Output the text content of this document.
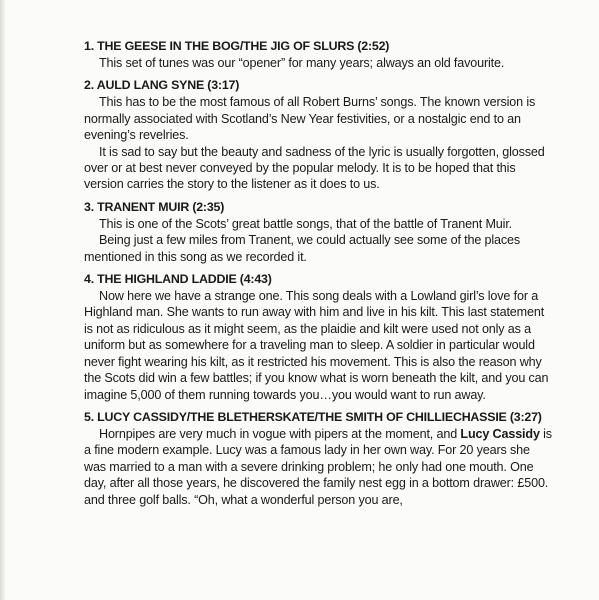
1. THE GEESE IN THE BOG/THE JIG OF SLURS (2:52)

This set of tunes was our “opener” for many years; always an old favourite.

2. AULD LANG SYNE (3:17)

This has to be the most famous of all Robert Burns’ songs. The known version is normally associated with Scotland’s New Year festivities, or a nostalgic end to an evening’s revelries.

It is sad to say but the beauty and sadness of the lyric is usually forgotten, glossed over or at best never conveyed by the popular melody. It is to be hoped that this version carries the story to the listener as it does to us.

3. TRANENT MUIR (2:35)

This is one of the Scots’ great battle songs, that of the battle of Tranent Muir.

Being just a few miles from Tranent, we could actually see some of the places mentioned in this song as we recorded it.

4. THE HIGHLAND LADDIE (4:43)

Now here we have a strange one. This song deals with a Lowland girl’s love for a Highland man. She wants to run away with him and live in his kilt. This last statement is not as ridiculous as it might seem, as the plaidie and kilt were used not only as a uniform but as somewhere for a traveling man to sleep. A soldier in particular would never fight wearing his kilt, as it restricted his movement. This is also the reason why the Scots did win a few battles; if you know what is worn beneath the kilt, and you can imagine 5,000 of them running towards you…you would want to run away.

5. LUCY CASSIDY/THE BLETHERSKATE/THE SMITH OF CHILLIECHASSIE (3:27)

Hornpipes are very much in vogue with pipers at the moment, and Lucy Cassidy is a fine modern example. Lucy was a famous lady in her own way. For 20 years she was married to a man with a severe drinking problem; he only had one mouth. One day, after all those years, he discovered the family nest egg in a bottom drawer: £500. and three golf balls. “Oh, what a wonderful person you are,
